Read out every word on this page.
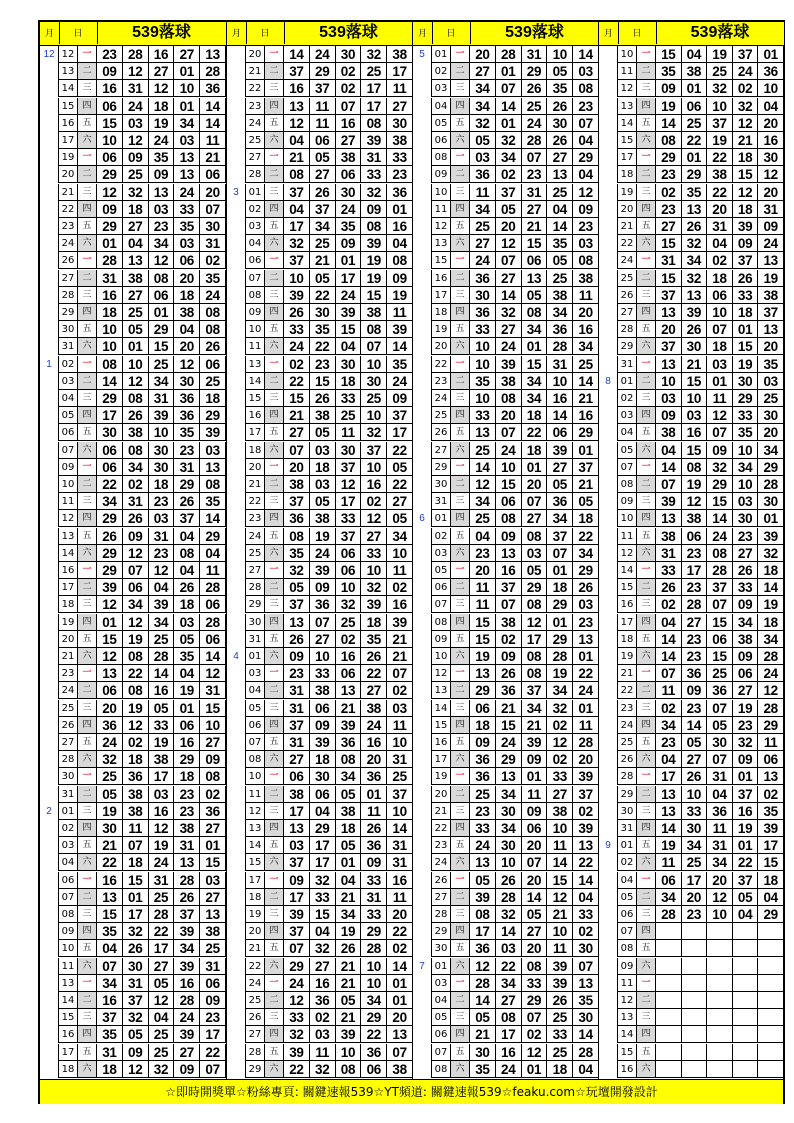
月	日	539落球
12 12 一 23 28 16 27 13
13 二 09 12 27 01 28
14 三 16 31 12 10 36
15 四 06 24 18 01 14
16 五 15 03 19 34 14
17 六 10 12 24 03 11
19 一 06 09 35 13 21
20 二 29 25 09 13 06
21 三 12 32 13 24 20
22 四 09 18 03 33 07
23 五 29 27 23 35 30
24 六 01 04 34 03 31
26 一 28 13 12 06 02
27 二 31 38 08 20 35
28 三 16 27 06 18 24
29 四 18 25 01 38 08
30 五 10 05 29 04 08
31 六 10 01 15 20 26
1 02 一 08 10 25 12 06
03 二 14 12 34 30 25
04 三 29 08 31 36 18
05 四 17 26 39 36 29
06 五 30 38 10 35 39
07 六 06 08 30 23 03
09 一 06 34 30 31 13
10 二 22 02 18 29 08
11 三 34 31 23 26 35
12 四 29 26 03 37 14
13 五 26 09 31 04 29
14 六 29 12 23 08 04
16 一 29 07 12 04 11
17 二 39 06 04 26 28
18 三 12 34 39 18 06
19 四 01 12 34 03 28
20 五 15 19 25 05 06
21 六 12 08 28 35 14
23 一 13 22 14 04 12
24 二 06 08 16 19 31
25 三 20 19 05 01 15
26 四 36 12 33 06 10
27 五 24 02 19 16 27
28 六 32 18 38 29 09
30 一 25 36 17 18 08
31 二 05 38 03 23 02
2 01 三 19 38 16 23 36
02 四 30 11 12 38 27
03 五 21 07 19 31 01
04 六 22 18 24 13 15
06 一 16 15 31 28 03
07 二 13 01 25 26 27
08 三 15 17 28 37 13
09 四 35 32 22 39 38
10 五 04 26 17 34 25
11 六 07 30 27 39 31
13 一 34 31 05 16 06
14 二 16 37 12 28 09
15 三 37 32 04 24 23
16 四 35 05 25 39 17
17 五 31 09 25 27 22
18 六 18 12 32 09 07
月	日	539落球
20 一 14 24 30 32 38
21 二 37 29 02 25 17
22 三 16 37 02 17 11
23 四 13 11 07 17 27
24 五 12 11 16 08 30
25 六 04 06 27 39 38
27 一 21 05 38 31 33
28 二 08 27 06 33 23
3 01 三 37 26 30 32 36
02 四 04 37 24 09 01
03 五 17 34 35 08 16
04 六 32 25 09 39 04
06 一 37 21 01 19 08
07 二 10 05 17 19 09
08 三 39 22 24 15 19
09 四 26 30 39 38 11
10 五 33 35 15 08 39
11 六 24 22 04 07 14
13 一 02 23 30 10 35
14 二 22 15 18 30 24
15 三 15 26 33 25 09
16 四 21 38 25 10 37
17 五 27 05 11 32 17
18 六 07 03 30 37 22
20 一 20 18 37 10 05
21 二 38 03 12 16 22
22 三 37 05 17 02 27
23 四 36 38 33 12 05
24 五 08 19 37 27 34
25 六 35 24 06 33 10
27 一 32 39 06 10 11
28 二 05 09 10 32 02
29 三 37 36 32 39 16
30 四 13 07 25 18 39
31 五 26 27 02 35 21
4 01 六 09 10 16 26 21
03 一 23 33 06 22 07
04 二 31 38 13 27 02
05 三 31 06 21 38 03
06 四 37 09 39 24 11
07 五 31 39 36 16 10
08 六 27 18 08 20 31
10 一 06 30 34 36 25
11 二 38 06 05 01 37
12 三 17 04 38 11 10
13 四 13 29 18 26 14
14 五 03 17 05 36 31
15 六 37 17 01 09 31
17 一 09 32 04 33 16
18 二 17 33 21 31 11
19 三 39 15 34 33 20
20 四 37 04 19 29 22
21 五 07 32 26 28 02
22 六 29 27 21 10 14
24 一 24 16 21 10 01
25 二 12 36 05 34 01
26 三 33 02 21 29 20
27 四 32 03 39 22 13
28 五 39 11 10 36 07
29 六 22 32 08 06 38
月	日	539落球
5 01 一 20 28 31 10 14
02 二 27 01 29 05 03
03 三 34 07 26 35 08
04 四 34 14 25 26 23
05 五 32 01 24 30 07
06 六 05 32 28 26 04
08 一 03 34 07 27 29
09 二 36 02 23 13 04
10 三 11 37 31 25 12
11 四 34 05 27 04 09
12 五 25 20 21 14 23
13 六 27 12 15 35 03
15 一 24 07 06 05 08
16 二 36 27 13 25 38
17 三 30 14 05 38 11
18 四 36 32 08 34 20
19 五 33 27 34 36 16
20 六 10 24 01 28 34
22 一 10 39 15 31 25
23 二 35 38 34 10 14
24 三 10 08 34 16 21
25 四 33 20 18 14 16
26 五 13 07 22 06 29
27 六 25 24 18 39 01
29 一 14 10 01 27 37
30 二 12 15 20 05 21
31 三 34 06 07 36 05
6 01 四 25 08 27 34 18
02 五 04 09 08 37 22
03 六 23 13 03 07 34
05 一 20 16 05 01 29
06 二 11 37 29 18 26
07 三 11 07 08 29 03
08 四 15 38 12 01 23
09 五 15 02 17 29 13
10 六 19 09 08 28 01
12 一 13 26 08 19 22
13 二 29 36 37 34 24
14 三 06 21 34 32 01
15 四 18 15 21 02 11
16 五 09 24 39 12 28
17 六 36 29 09 02 20
19 一 36 13 01 33 39
20 二 25 34 11 27 37
21 三 23 30 09 38 02
22 四 33 34 06 10 39
23 五 24 30 20 11 13
24 六 13 10 07 14 22
26 一 05 26 20 15 14
27 二 39 28 14 12 04
28 三 08 32 05 21 33
29 四 17 14 27 10 02
30 五 36 03 20 11 30
7 01 六 12 22 08 39 07
03 一 28 34 33 39 13
04 二 14 27 29 26 35
05 三 05 08 07 25 30
06 四 21 17 02 33 14
07 五 30 16 12 25 28
08 六 35 24 01 18 04
月	日	539落球
10 一 15 04 19 37 01
11 二 35 38 25 24 36
12 三 09 01 32 02 10
13 四 19 06 10 32 04
14 五 14 25 37 12 20
15 六 08 22 19 21 16
17 一 29 01 22 18 30
18 二 23 29 38 15 12
19 三 02 35 22 12 20
20 四 23 13 20 18 31
21 五 27 26 31 39 09
22 六 15 32 04 09 24
24 一 31 34 02 37 13
25 二 15 32 18 26 19
26 三 37 13 06 33 38
27 四 13 39 10 18 37
28 五 20 26 07 01 13
29 六 37 30 18 15 20
31 一 13 21 03 19 35
8 01 二 10 15 01 30 03
02 三 03 10 11 29 25
03 四 09 03 12 33 30
04 五 38 16 07 35 20
05 六 04 15 09 10 34
07 一 14 08 32 34 29
08 二 07 19 29 10 28
09 三 39 12 15 03 30
10 四 13 38 14 30 01
11 五 38 06 24 23 39
12 六 31 23 08 27 32
14 一 33 17 28 26 18
15 二 26 23 37 33 14
16 三 02 28 07 09 19
17 四 04 27 15 34 18
18 五 14 23 06 38 34
19 六 14 23 15 09 28
21 一 07 36 25 06 24
22 二 11 09 36 27 12
23 三 02 23 07 19 28
24 四 34 14 05 23 29
25 五 23 05 30 32 11
26 六 04 27 07 09 06
28 一 17 26 31 01 13
29 二 13 10 04 37 02
30 三 13 33 36 16 35
31 四 14 30 11 19 39
9 01 五 19 34 31 01 17
02 六 11 25 34 22 15
04 一 06 17 20 37 18
05 二 34 20 12 05 04
06 三 28 23 10 04 29
07 四
08 五
09 六
11 一
12 二
13 三
14 四
15 五
16 六
☆即時開獎單☆粉絲專頁: 關鍵速報539☆YT頻道: 關鍵速報539☆feaku.com☆玩壇開發設計
